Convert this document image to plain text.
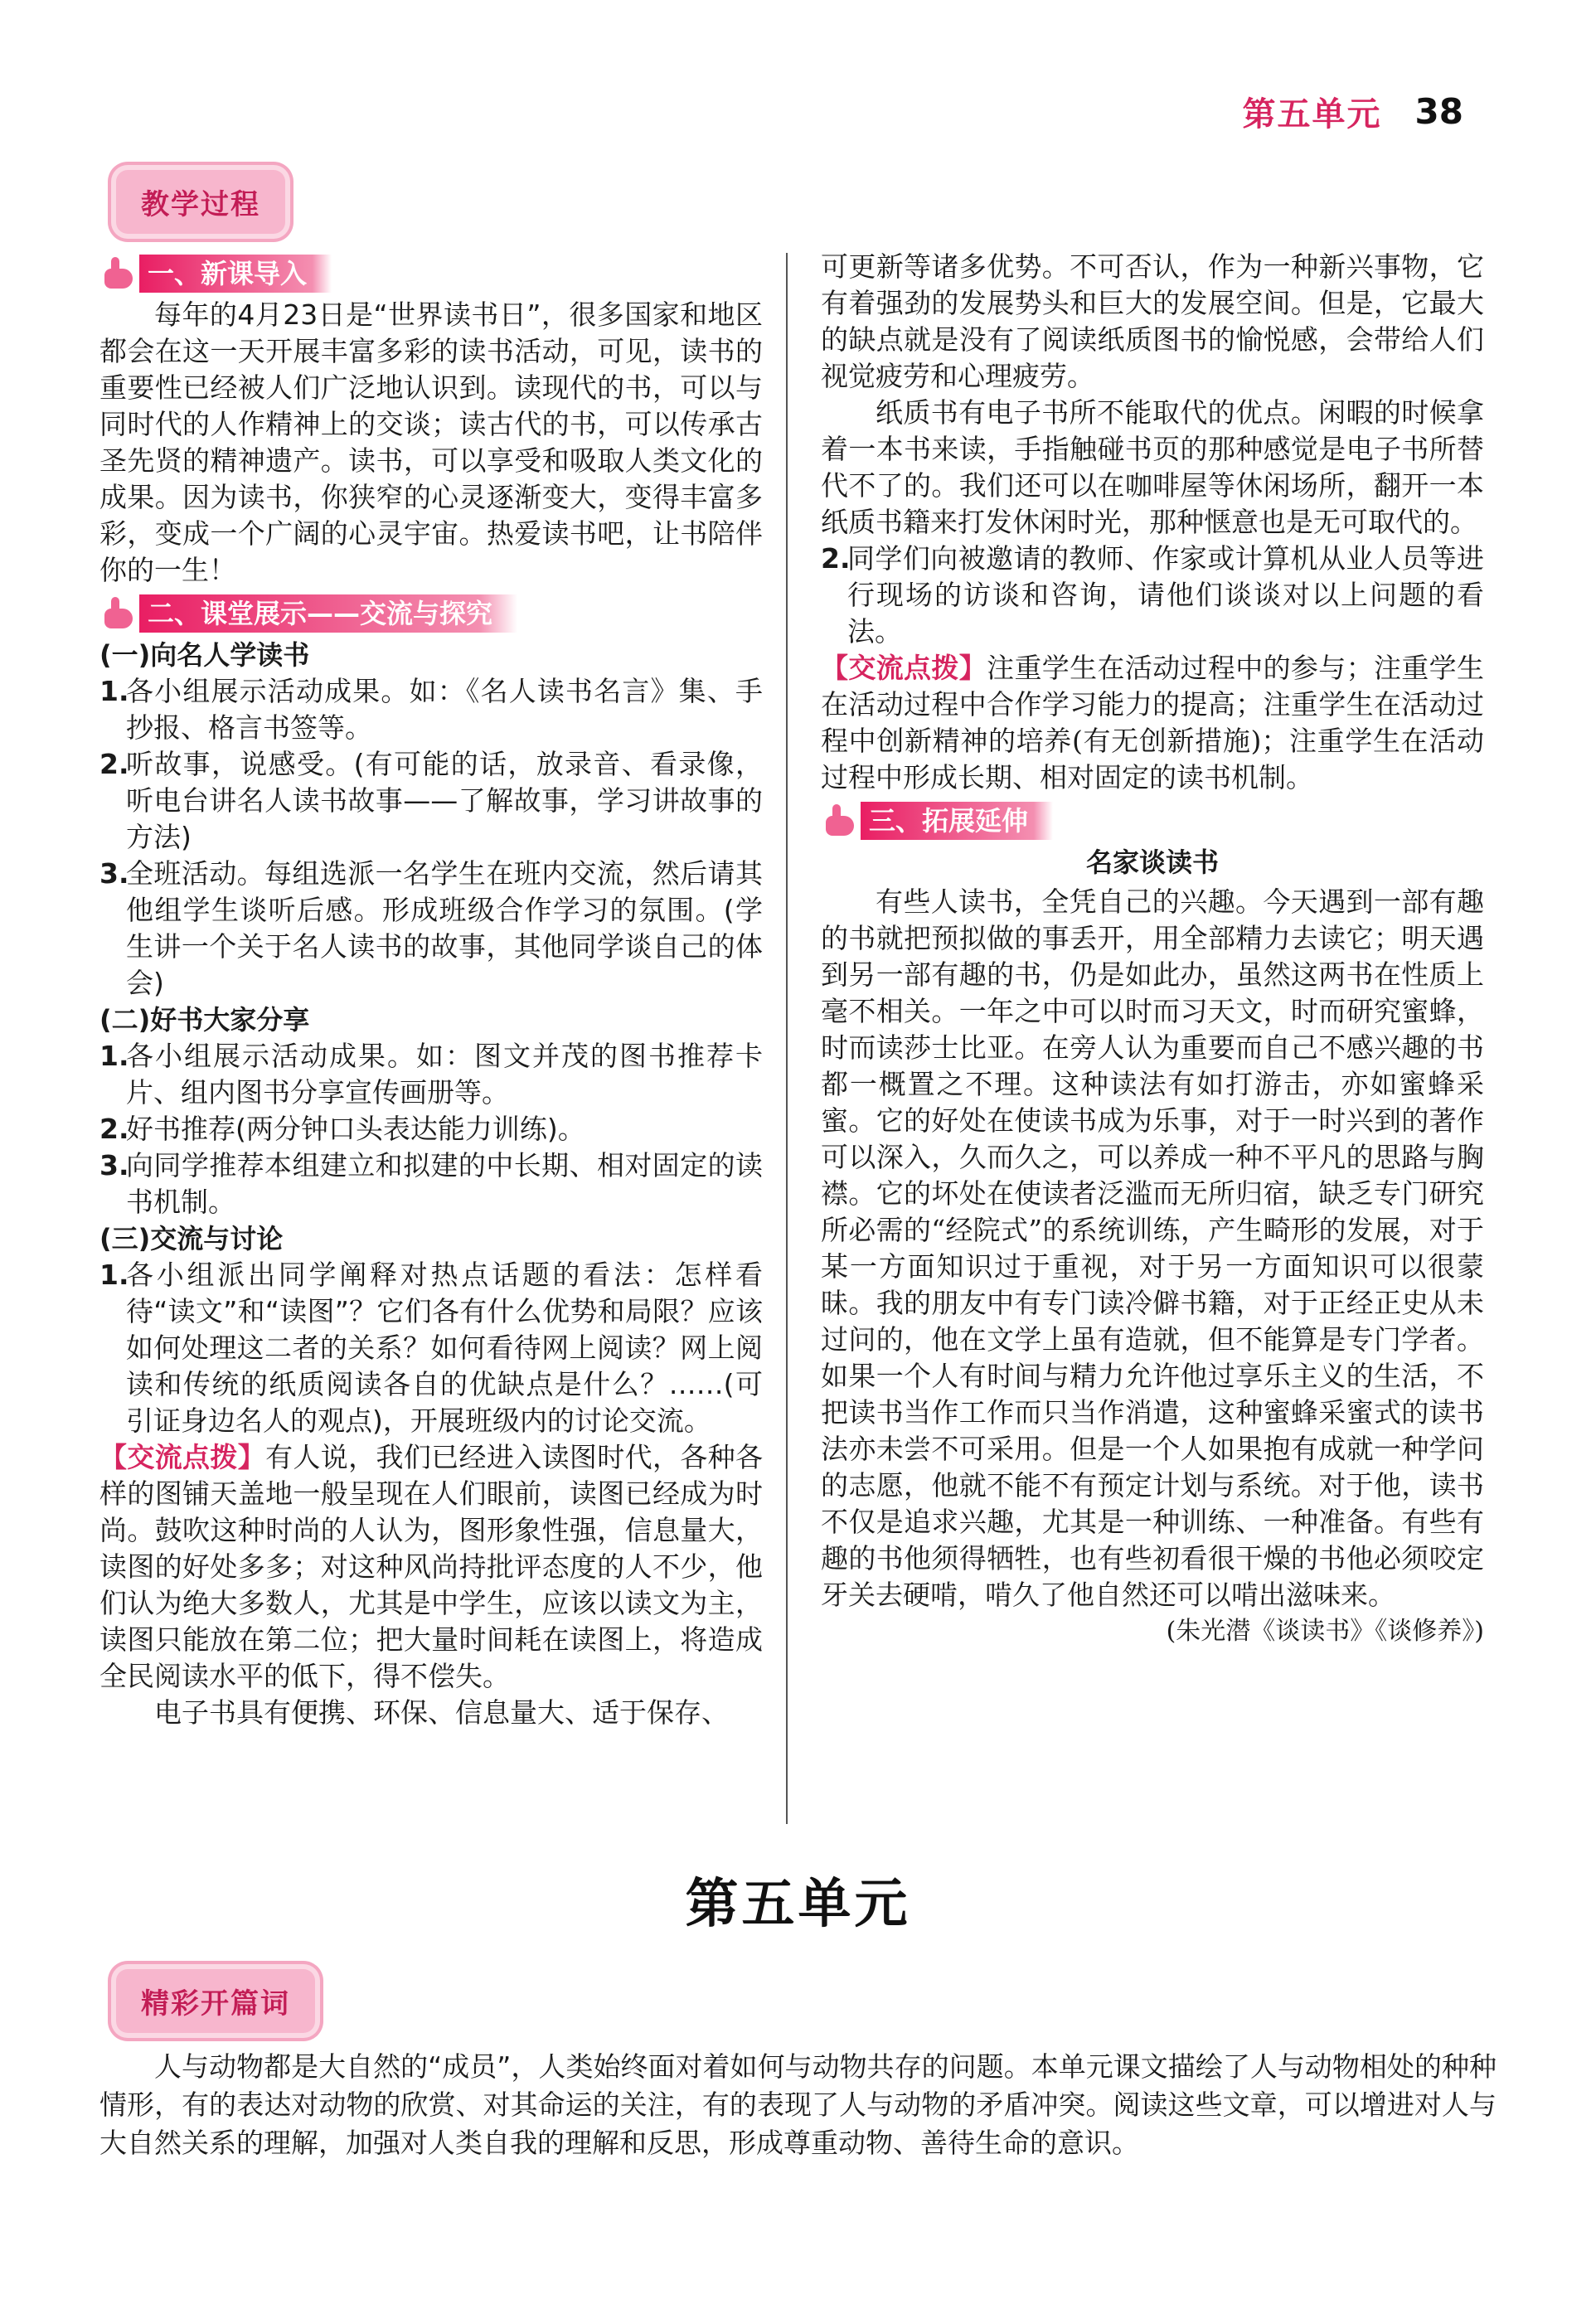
第五单元 38
教学过程
一、新课导入

每年的4月23日是“世界读书日”，很多国家和地区都会在这一天开展丰富多彩的读书活动，可见，读书的重要性已经被人们广泛地认识到。读现代的书，可以与同时代的人作精神上的交谈；读古代的书，可以传承古圣先贤的精神遗产。读书，可以享受和吸取人类文化的成果。因为读书，你狭窄的心灵逐渐变大，变得丰富多彩，变成一个广阔的心灵宇宙。热爱读书吧，让书陪伴你的一生！

二、课堂展示——交流与探究
(一)向名人学读书
1.
各小组展示活动成果。如：《名人读书名言》集、手抄报、格言书签等。
2.
听故事，说感受。(有可能的话，放录音、看录像，听电台讲名人读书故事——了解故事，学习讲故事的方法)
3.
全班活动。每组选派一名学生在班内交流，然后请其他组学生谈听后感。形成班级合作学习的氛围。(学生讲一个关于名人读书的故事，其他同学谈自己的体会)
(二)好书大家分享
1.
各小组展示活动成果。如：图文并茂的图书推荐卡片、组内图书分享宣传画册等。
2.
好书推荐(两分钟口头表达能力训练)。
3.
向同学推荐本组建立和拟建的中长期、相对固定的读书机制。
(三)交流与讨论
1.
各小组派出同学阐释对热点话题的看法：怎样看待“读文”和“读图”？它们各有什么优势和局限？应该如何处理这二者的关系？如何看待网上阅读？网上阅读和传统的纸质阅读各自的优缺点是什么？……(可引证身边名人的观点)，开展班级内的讨论交流。

【交流点拨】有人说，我们已经进入读图时代，各种各样的图铺天盖地一般呈现在人们眼前，读图已经成为时尚。鼓吹这种时尚的人认为，图形象性强，信息量大，读图的好处多多；对这种风尚持批评态度的人不少，他们认为绝大多数人，尤其是中学生，应该以读文为主，读图只能放在第二位；把大量时间耗在读图上，将造成全民阅读水平的低下，得不偿失。

电子书具有便携、环保、信息量大、适于保存、

可更新等诸多优势。不可否认，作为一种新兴事物，它有着强劲的发展势头和巨大的发展空间。但是，它最大的缺点就是没有了阅读纸质图书的愉悦感，会带给人们视觉疲劳和心理疲劳。

纸质书有电子书所不能取代的优点。闲暇的时候拿着一本书来读，手指触碰书页的那种感觉是电子书所替代不了的。我们还可以在咖啡屋等休闲场所，翻开一本纸质书籍来打发休闲时光，那种惬意也是无可取代的。

2.
同学们向被邀请的教师、作家或计算机从业人员等进行现场的访谈和咨询，请他们谈谈对以上问题的看法。

【交流点拨】注重学生在活动过程中的参与；注重学生在活动过程中合作学习能力的提高；注重学生在活动过程中创新精神的培养(有无创新措施)；注重学生在活动过程中形成长期、相对固定的读书机制。

三、拓展延伸
名家谈读书

有些人读书，全凭自己的兴趣。今天遇到一部有趣的书就把预拟做的事丢开，用全部精力去读它；明天遇到另一部有趣的书，仍是如此办，虽然这两书在性质上毫不相关。一年之中可以时而习天文，时而研究蜜蜂，时而读莎士比亚。在旁人认为重要而自己不感兴趣的书都一概置之不理。这种读法有如打游击，亦如蜜蜂采蜜。它的好处在使读书成为乐事，对于一时兴到的著作可以深入，久而久之，可以养成一种不平凡的思路与胸襟。它的坏处在使读者泛滥而无所归宿，缺乏专门研究所必需的“经院式”的系统训练，产生畸形的发展，对于某一方面知识过于重视，对于另一方面知识可以很蒙昧。我的朋友中有专门读冷僻书籍，对于正经正史从未过问的，他在文学上虽有造就，但不能算是专门学者。如果一个人有时间与精力允许他过享乐主义的生活，不把读书当作工作而只当作消遣，这种蜜蜂采蜜式的读书法亦未尝不可采用。但是一个人如果抱有成就一种学问的志愿，他就不能不有预定计划与系统。对于他，读书不仅是追求兴趣，尤其是一种训练、一种准备。有些有趣的书他须得牺牲，也有些初看很干燥的书他必须咬定牙关去硬啃，啃久了他自然还可以啃出滋味来。

(朱光潜《谈读书》《谈修养》)
第五单元
精彩开篇词

人与动物都是大自然的“成员”，人类始终面对着如何与动物共存的问题。本单元课文描绘了人与动物相处的种种情形，有的表达对动物的欣赏、对其命运的关注，有的表现了人与动物的矛盾冲突。阅读这些文章，可以增进对人与大自然关系的理解，加强对人类自我的理解和反思，形成尊重动物、善待生命的意识。
